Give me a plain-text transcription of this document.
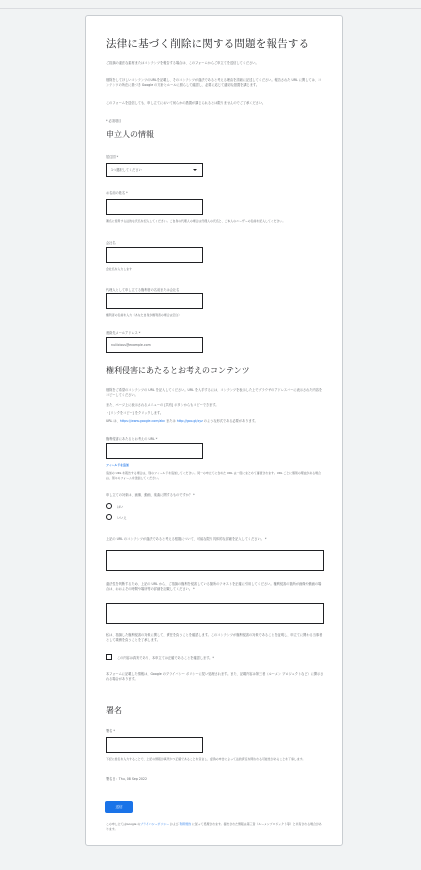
法律に基づく削除に関する問題を報告する
ご指摘の違法な素材またはコンテンツを報告する場合は、このフォームからご申立てを送信してください。
削除をしてほしいコンテンツのURLを記載し、そのコンテンツが違法であると考える理由を詳細に記述してください。報告された URL に関しては、コンテンツの所在に基づき Google の方針とルールに照らして確認し、必要に応じて適切な措置を講じます。
このフォームを送信しても、申し立てにおいて何らかの措置が講じられるとは限りませんのでご了承ください。
* 必須項目
申立人の情報
居住国 *
1つ選択してください
お名前の姓名 *
署名に使用する法的な氏名を記入してください。ご自身の代理人の場合は代理人の氏名と、ご本人のユーザーの名前を記入してください。
会社名
会社名を入力します
代理人として申し立てる権利者の名前または会社名
権利者の名前を入力（あなた自身が権利者の場合は空白）
連絡先メールアドレス *
nuliicious@example.com
権利侵害にあたるとお考えのコンテンツ
削除をご希望のコンテンツの URL を記入してください。URL を入手するには、コンテンツを表示した上でブラウザのアドレスバーに表示された内容をコピーしてください。
また、ページ上に表示されるメニューの [共有] ボタンからもコピーできます。
・[リンクをコピー] をクリックします。
URL は、https://www.google.com/abc または http://goo.gl/xyz のような形式である必要があります。
権利侵害にあたるとお考えの URL *
フィールドを追加
追加の URL を報告する場合は、別のフィールドを追加してください。同一の申立てに含めた URL は一度にまとめて審査されます。URL ごとに個別の理由がある場合は、別々のフォームを送信してください。
申し立ての対象は、画像、動画、楽曲に関するものですか？ *
はい
いいえ
上記の URL のコンテンツが違法であると考える根拠について、可能な限り具体的な詳細を記入してください。 *
違法性を判断するため、上記の URL から、ご指摘の権利を侵害している箇所のテキストを正確に引用してください。権利侵害の箇所が画像や動画の場合は、おおよその時間や場所等の詳細を記載してください。 *
私は、指摘した権利侵害の対象に関して、責任を負うことを確認します。このコンテンツが権利侵害の対象であることを証明し、申立てに関わる当事者として義務を負うことを了承します。
この内容は真実であり、本申立ては正確であることを確認します。*
本フォームに記載した情報は、Google のプライバシー ポリシーに従い処理されます。また、記載内容は第三者（ルーメン プロジェクトなど）に開示される場合があります。
署名
署名 *
下記に姓名を入力することで、上記の情報が真実かつ正確であることを宣言し、虚偽の申告によって法的責任を問われる可能性があることを了承します。
署名日：Thu, 08 Sep 2022
送信
この申し立てはGoogle のプライバシーポリシー および 利用規約 に従って処理されます。提出された情報は第三者（ルーメンプロジェクト等）と共有される場合があります。
